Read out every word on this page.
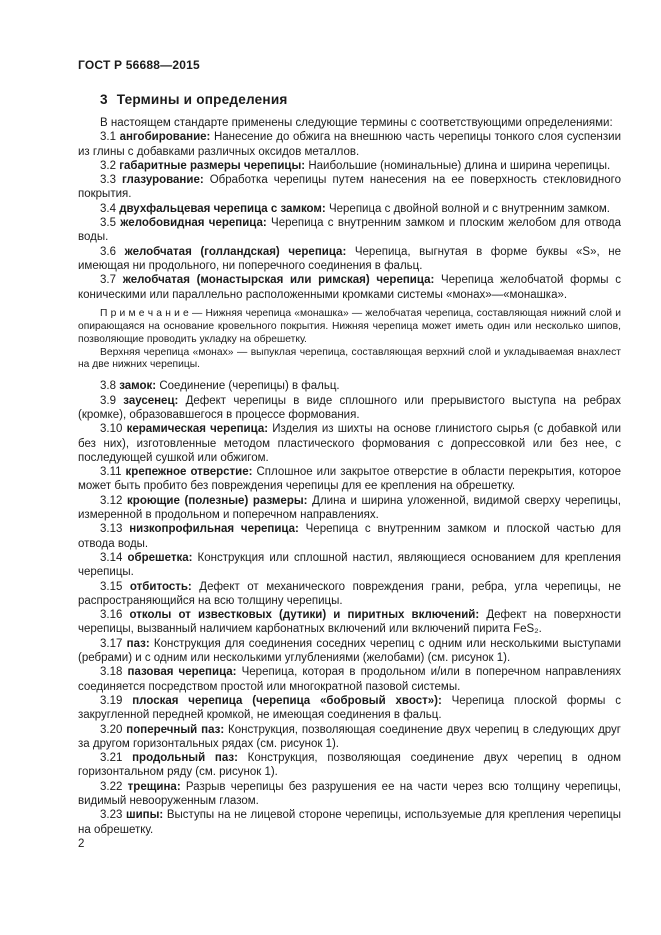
ГОСТ Р 56688—2015
3 Термины и определения

В настоящем стандарте применены следующие термины с соответствующими определениями:

3.1 ангобирование: Нанесение до обжига на внешнюю часть черепицы тонкого слоя суспензии из глины с добавками различных оксидов металлов.

3.2 габаритные размеры черепицы: Наибольшие (номинальные) длина и ширина черепицы.

3.3 глазурование: Обработка черепицы путем нанесения на ее поверхность стекловидного покрытия.

3.4 двухфальцевая черепица с замком: Черепица с двойной волной и с внутренним замком.

3.5 желобовидная черепица: Черепица с внутренним замком и плоским желобом для отвода воды.

3.6 желобчатая (голландская) черепица: Черепица, выгнутая в форме буквы «S», не имеющая ни продольного, ни поперечного соединения в фальц.

3.7 желобчатая (монастырская или римская) черепица: Черепица желобчатой формы с коническими или параллельно расположенными кромками системы «монах»—«монашка».

П р и м е ч а н и е — Нижняя черепица «монашка» — желобчатая черепица, составляющая нижний слой и опирающаяся на основание кровельного покрытия. Нижняя черепица может иметь один или несколько шипов, позволяющие проводить укладку на обрешетку.

Верхняя черепица «монах» — выпуклая черепица, составляющая верхний слой и укладываемая внахлест на две нижних черепицы.

3.8 замок: Соединение (черепицы) в фальц.

3.9 заусенец: Дефект черепицы в виде сплошного или прерывистого выступа на ребрах (кромке), образовавшегося в процессе формования.

3.10 керамическая черепица: Изделия из шихты на основе глинистого сырья (с добавкой или без них), изготовленные методом пластического формования с допрессовкой или без нее, с последующей сушкой или обжигом.

3.11 крепежное отверстие: Сплошное или закрытое отверстие в области перекрытия, которое может быть пробито без повреждения черепицы для ее крепления на обрешетку.

3.12 кроющие (полезные) размеры: Длина и ширина уложенной, видимой сверху черепицы, измеренной в продольном и поперечном направлениях.

3.13 низкопрофильная черепица: Черепица с внутренним замком и плоской частью для отвода воды.

3.14 обрешетка: Конструкция или сплошной настил, являющиеся основанием для крепления черепицы.

3.15 отбитость: Дефект от механического повреждения грани, ребра, угла черепицы, не распространяющийся на всю толщину черепицы.

3.16 отколы от известковых (дутики) и пиритных включений: Дефект на поверхности черепицы, вызванный наличием карбонатных включений или включений пирита FeS₂.

3.17 паз: Конструкция для соединения соседних черепиц с одним или несколькими выступами (ребрами) и с одним или несколькими углублениями (желобами) (см. рисунок 1).

3.18 пазовая черепица: Черепица, которая в продольном и/или в поперечном направлениях соединяется посредством простой или многократной пазовой системы.

3.19 плоская черепица (черепица «бобровый хвост»): Черепица плоской формы с закругленной передней кромкой, не имеющая соединения в фальц.

3.20 поперечный паз: Конструкция, позволяющая соединение двух черепиц в следующих друг за другом горизонтальных рядах (см. рисунок 1).

3.21 продольный паз: Конструкция, позволяющая соединение двух черепиц в одном горизонтальном ряду (см. рисунок 1).

3.22 трещина: Разрыв черепицы без разрушения ее на части через всю толщину черепицы, видимый невооруженным глазом.

3.23 шипы: Выступы на не лицевой стороне черепицы, используемые для крепления черепицы на обрешетку.

2
